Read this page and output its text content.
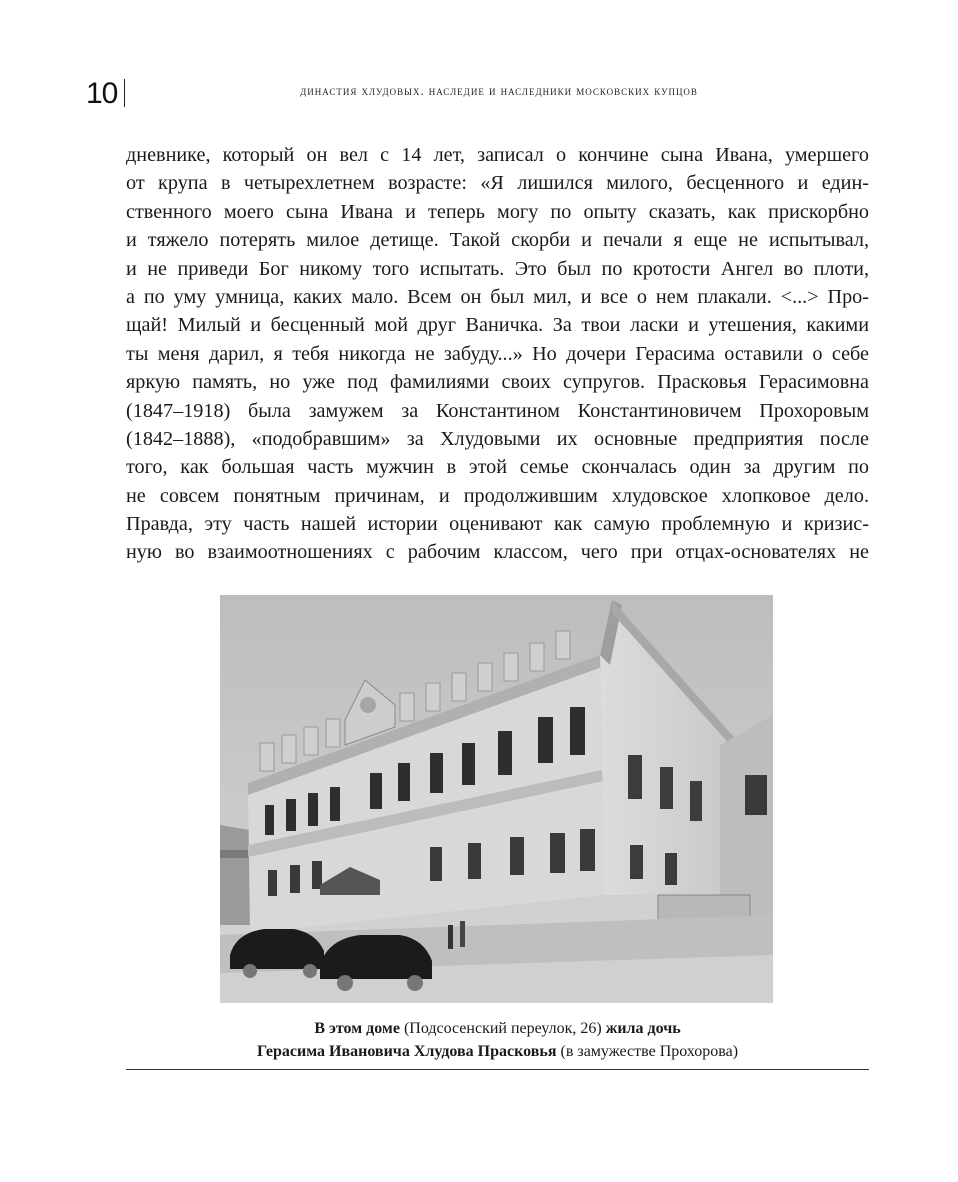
10	династия хлудовых. наследие и наследники московских купцов
дневнике, который он вел с 14 лет, записал о кончине сына Ивана, умершего
от крупа в четырехлетнем возрасте: «Я лишился милого, бесценного и един-
ственного моего сына Ивана и теперь могу по опыту сказать, как прискорбно
и тяжело потерять милое детище. Такой скорби и печали я еще не испытывал,
и не приведи Бог никому того испытать. Это был по кротости Ангел во плоти,
а по уму умница, каких мало. Всем он был мил, и все о нем плакали. <...> Про-
щай! Милый и бесценный мой друг Ваничка. За твои ласки и утешения, какими
ты меня дарил, я тебя никогда не забуду...» Но дочери Герасима оставили о себе
яркую память, но уже под фамилиями своих супругов. Прасковья Герасимовна
(1847–1918) была замужем за Константином Константиновичем Прохоровым
(1842–1888), «подобравшим» за Хлудовыми их основные предприятия после
того, как большая часть мужчин в этой семье скончалась один за другим по
не совсем понятным причинам, и продолжившим хлудовское хлопковое дело.
Правда, эту часть нашей истории оценивают как самую проблемную и кризис-
ную во взаимоотношениях с рабочим классом, чего при отцах-основателях не
В этом доме (Подсосенский переулок, 26) жила дочь
Герасима Ивановича Хлудова Прасковья (в замужестве Прохорова)
